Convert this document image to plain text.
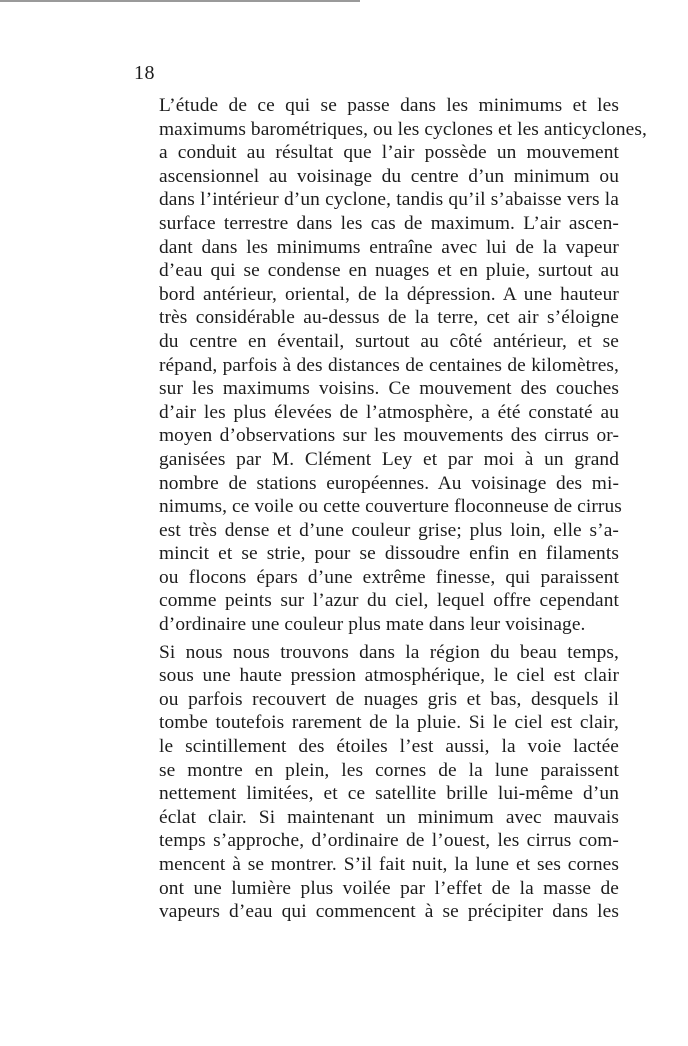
18

L’étude de ce qui se passe dans les minimums et les
maximums barométriques, ou les cyclones et les anticyclones,
a conduit au résultat que l’air possède un mouvement
ascensionnel au voisinage du centre d’un minimum ou
dans l’intérieur d’un cyclone, tandis qu’il s’abaisse vers la
surface terrestre dans les cas de maximum. L’air ascen-
dant dans les minimums entraîne avec lui de la vapeur
d’eau qui se condense en nuages et en pluie, surtout au
bord antérieur, oriental, de la dépression. A une hauteur
très considérable au-dessus de la terre, cet air s’éloigne
du centre en éventail, surtout au côté antérieur, et se
répand, parfois à des distances de centaines de kilomètres,
sur les maximums voisins. Ce mouvement des couches
d’air les plus élevées de l’atmosphère, a été constaté au
moyen d’observations sur les mouvements des cirrus or-
ganisées par M. Clément Ley et par moi à un grand
nombre de stations européennes. Au voisinage des mi-
nimums, ce voile ou cette couverture floconneuse de cirrus
est très dense et d’une couleur grise; plus loin, elle s’a-
mincit et se strie, pour se dissoudre enfin en filaments
ou flocons épars d’une extrême finesse, qui paraissent
comme peints sur l’azur du ciel, lequel offre cependant
d’ordinaire une couleur plus mate dans leur voisinage.

Si nous nous trouvons dans la région du beau temps,
sous une haute pression atmosphérique, le ciel est clair
ou parfois recouvert de nuages gris et bas, desquels il
tombe toutefois rarement de la pluie. Si le ciel est clair,
le scintillement des étoiles l’est aussi, la voie lactée
se montre en plein, les cornes de la lune paraissent
nettement limitées, et ce satellite brille lui-même d’un
éclat clair. Si maintenant un minimum avec mauvais
temps s’approche, d’ordinaire de l’ouest, les cirrus com-
mencent à se montrer. S’il fait nuit, la lune et ses cornes
ont une lumière plus voilée par l’effet de la masse de
vapeurs d’eau qui commencent à se précipiter dans les
